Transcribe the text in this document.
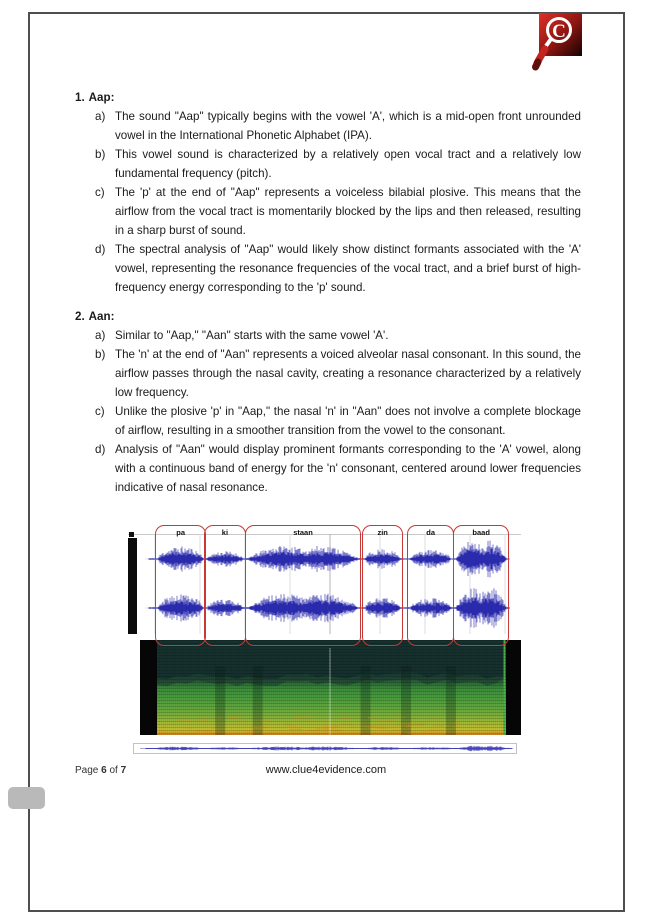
C
1. Aap:
a) The sound "Aap" typically begins with the vowel 'A', which is a mid-open front unrounded vowel in the International Phonetic Alphabet (IPA).
b) This vowel sound is characterized by a relatively open vocal tract and a relatively low fundamental frequency (pitch).
c) The 'p' at the end of "Aap" represents a voiceless bilabial plosive. This means that the airflow from the vocal tract is momentarily blocked by the lips and then released, resulting in a sharp burst of sound.
d) The spectral analysis of "Aap" would likely show distinct formants associated with the 'A' vowel, representing the resonance frequencies of the vocal tract, and a brief burst of high-frequency energy corresponding to the 'p' sound.
2. Aan:
a) Similar to "Aap," "Aan" starts with the same vowel 'A'.
b) The 'n' at the end of "Aan" represents a voiced alveolar nasal consonant. In this sound, the airflow passes through the nasal cavity, creating a resonance characterized by a relatively low frequency.
c) Unlike the plosive 'p' in "Aap," the nasal 'n' in "Aan" does not involve a complete blockage of airflow, resulting in a smoother transition from the vowel to the consonant.
d) Analysis of "Aan" would display prominent formants corresponding to the 'A' vowel, along with a continuous band of energy for the 'n' consonant, centered around lower frequencies indicative of nasal resonance.
pa	ki	staan	zin	da	baad
Page 6 of 7	www.clue4evidence.com
